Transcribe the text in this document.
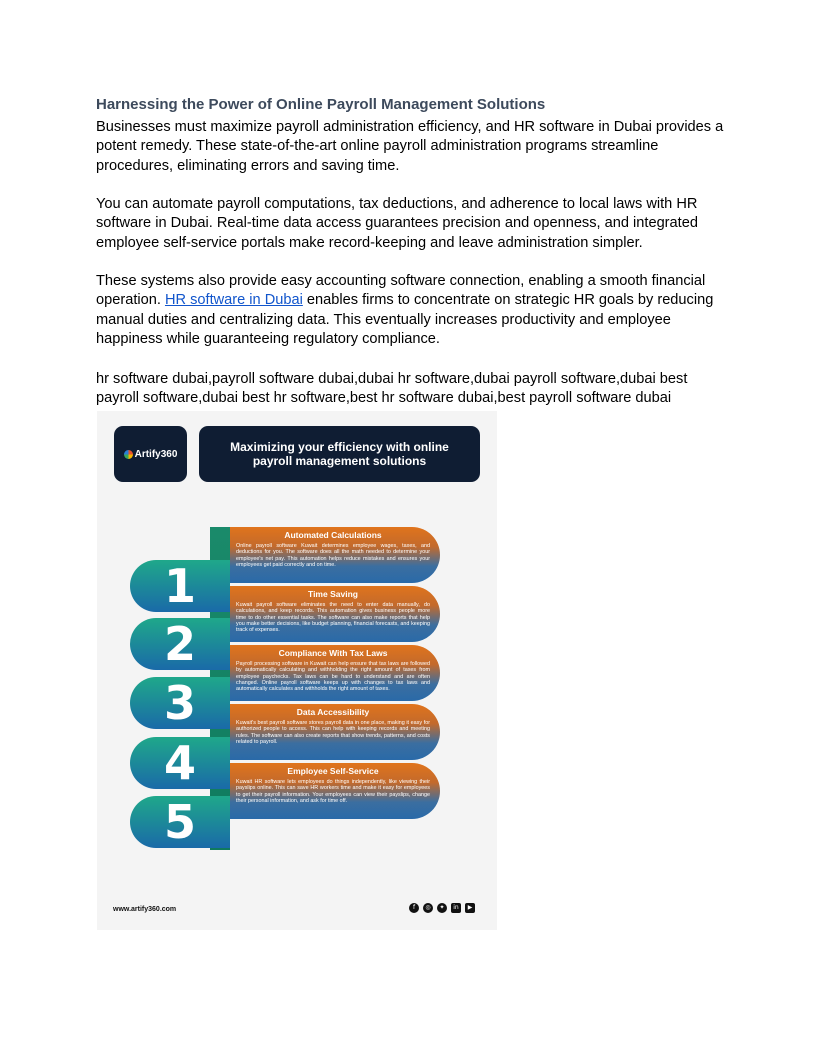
Harnessing the Power of Online Payroll Management Solutions

Businesses must maximize payroll administration efficiency, and HR software in Dubai provides a potent remedy. These state-of-the-art online payroll administration programs streamline procedures, eliminating errors and saving time.

You can automate payroll computations, tax deductions, and adherence to local laws with HR software in Dubai. Real-time data access guarantees precision and openness, and integrated employee self-service portals make record-keeping and leave administration simpler.

These systems also provide easy accounting software connection, enabling a smooth financial operation. HR software in Dubai enables firms to concentrate on strategic HR goals by reducing manual duties and centralizing data. This eventually increases productivity and employee happiness while guaranteeing regulatory compliance.

hr software dubai,payroll software dubai,dubai hr software,dubai payroll software,dubai best payroll software,dubai best hr software,best hr software dubai,best payroll software dubai

Artify360	Maximizing your efficiency with online payroll management solutions
1
Automated Calculations
Online payroll software Kuwait determines employee wages, taxes, and deductions for you. The software does all the math needed to determine your employee's net pay. This automation helps reduce mistakes and ensures your employees get paid correctly and on time.
2
Time Saving
Kuwait payroll software eliminates the need to enter data manually, do calculations, and keep records. This automation gives business people more time to do other essential tasks. The software can also make reports that help you make better decisions, like budget planning, financial forecasts, and keeping track of expenses.
3
Compliance With Tax Laws
Payroll processing software in Kuwait can help ensure that tax laws are followed by automatically calculating and withholding the right amount of taxes from employee paychecks. Tax laws can be hard to understand and are often changed. Online payroll software keeps up with changes to tax laws and automatically calculates and withholds the right amount of taxes.
4
Data Accessibility
Kuwait's best payroll software stores payroll data in one place, making it easy for authorized people to access. This can help with keeping records and meeting rules. The software can also create reports that show trends, patterns, and costs related to payroll.
5
Employee Self-Service
Kuwait HR software lets employees do things independently, like viewing their payslips online. This can save HR workers time and make it easy for employees to get their payroll information. Your employees can view their payslips, change their personal information, and ask for time off.
www.artify360.com	f	◎	✦	in	▶
